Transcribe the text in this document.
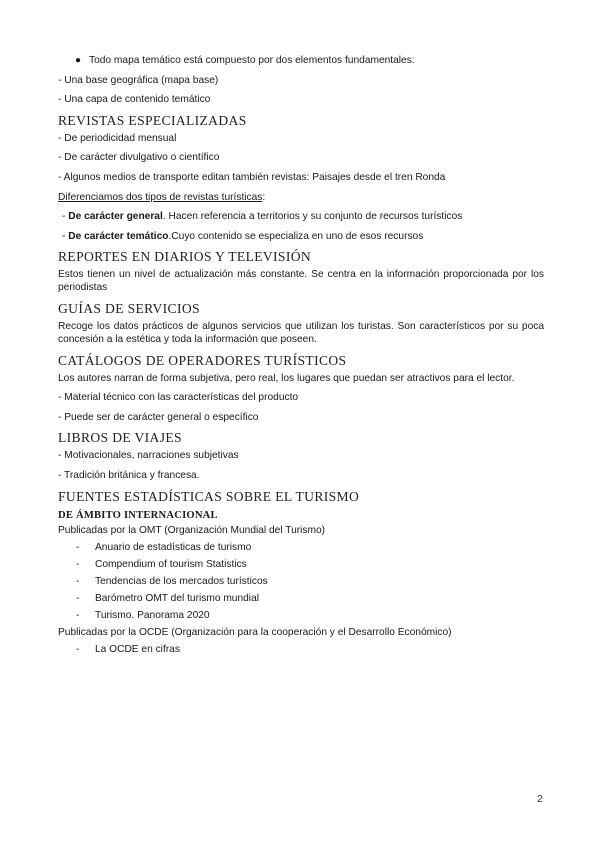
● Todo mapa temático está compuesto por dos elementos fundamentales:
- Una base geográfica (mapa base)
- Una capa de contenido temático
REVISTAS ESPECIALIZADAS
- De periodicidad mensual
- De carácter divulgativo o científico
- Algunos medios de transporte editan también revistas: Paisajes desde el tren Ronda
Diferenciamos dos tipos de revistas turísticas:
- De carácter general. Hacen referencia a territorios y su conjunto de recursos turísticos
- De carácter temático.Cuyo contenido se especializa en uno de esos recursos
REPORTES EN DIARIOS Y TELEVISIÓN
Estos tienen un nivel de actualización más constante. Se centra en la información proporcionada por los periodistas
GUÍAS DE SERVICIOS
Recoge los datos prácticos de algunos servicios que utilizan los turistas. Son característicos por su poca concesión a la estética y toda la información que poseen.
CATÁLOGOS DE OPERADORES TURÍSTICOS
Los autores narran de forma subjetiva, pero real, los lugares que puedan ser atractivos para el lector.
- Material técnico con las características del producto
- Puede ser de carácter general o específico
LIBROS DE VIAJES
- Motivacionales, narraciones subjetivas
- Tradición británica y francesa.
FUENTES ESTADÍSTICAS SOBRE EL TURISMO
DE ÁMBITO INTERNACIONAL
Publicadas por la OMT (Organización Mundial del Turismo)
- Anuario de estadísticas de turismo
- Compendium of tourism Statistics
- Tendencias de los mercados turísticos
- Barómetro OMT del turismo mundial
- Turismo. Panorama 2020
Publicadas por la OCDE (Organización para la cooperación y el Desarrollo Económico)
- La OCDE en cifras
2
